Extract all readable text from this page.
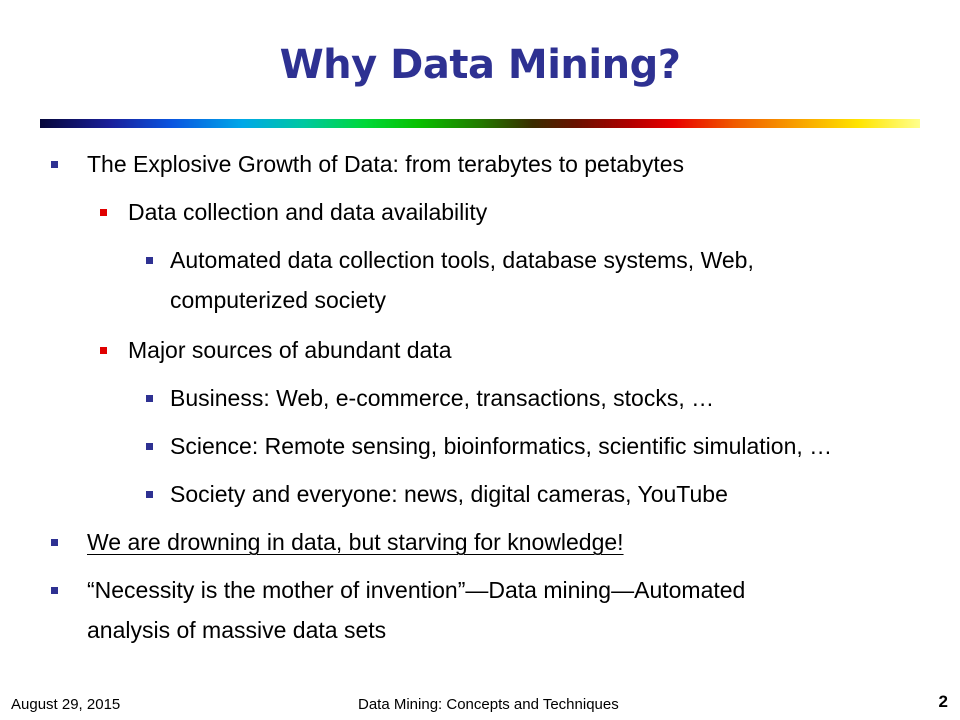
Why Data Mining?
The Explosive Growth of Data: from terabytes to petabytes
Data collection and data availability
Automated data collection tools, database systems, Web,
computerized society
Major sources of abundant data
Business: Web, e-commerce, transactions, stocks, …
Science: Remote sensing, bioinformatics, scientific simulation, …
Society and everyone: news, digital cameras, YouTube
We are drowning in data, but starving for knowledge!
“Necessity is the mother of invention”—Data mining—Automated
analysis of massive data sets
August 29, 2015	Data Mining: Concepts and Techniques	2
